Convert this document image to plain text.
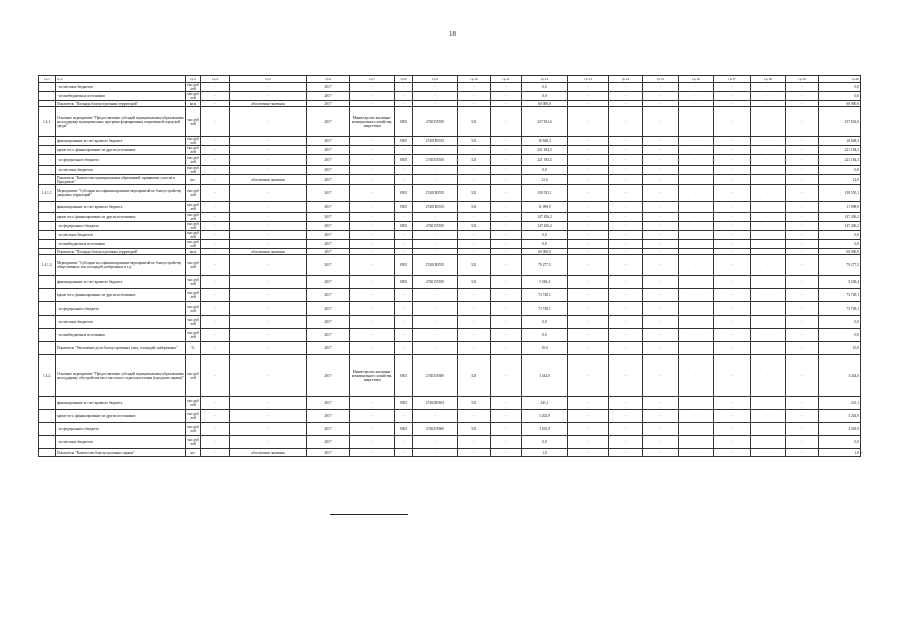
18
гр.1	гр.2	гр.3	гр.4	гр.5	гр.6	гр.7	гр.8	гр.9	гр.10	гр.11	гр.12	гр.13	гр.14	гр.15	гр.16	гр.17	гр.18	гр.19	гр.20
	- из местных бюджетов	тыс.руб лей	-	-	2017	-	-	-	-	-	0,0	-	-	-	-	-	-	-	0,0
	- из внебюджетных источников	тыс.руб лей	-	-	2017	-	-	-	-	-	0,0	-	-	-	-	-	-	-	0,0
	Показатель "Площадь благоустроенных территорий"	кв.м	-	абсолютные значения	2017	-	-	-	-	-	60 000,0	-	-	-	-	-	-	-	60 000,0
1.4.1.	Основное мероприятие "Предоставление субсидий муниципальным образованиям на поддержку муниципальных программ формирования современной городской среды"	тыс.руб лей	-	-	2017	Министерство жилищно-коммунального хозяйства, энергетики	0505	2740355550	521	-	237 832,6	-	-	-	-	-	-	-	237 832,6
	финансирование за счет краевого бюджета	тыс.руб лей	-	-	2017	-	0505	27401R5555	521	-	16 648,3	-	-	-	-	-	-	-	16 648,3
	кроме того, финансирование из других источников:	тыс.руб лей	-	-	2017	-	-	-	-	-	221 184,3	-	-	-	-	-	-	-	221 184,3
	- из федерального бюджета	тыс.руб лей	-	-	2017	-	0505	2740355550	521	-	221 184,3	-	-	-	-	-	-	-	221 184,3
	- из местных бюджетов	тыс.руб лей	-	-	2017	-	-	-	-	-	0,0	-	-	-	-	-	-	-	0,0
	Показатель "Количество муниципальных образований, принявших участие в Программе"	шт.	-	абсолютные значения	2017	-	-	-	-	-	12,0	-	-	-	-	-	-	-	12,0
1.4.1.1.	Мероприятие "Субсидии на софинансирование мероприятий по благоустройству дворовых территорий"	тыс.руб лей	-	-	2017	-	0505	27401R5555	521	-	158 555,1	-	-	-	-	-	-	-	158 555,1
	финансирование за счет краевого бюджета	тыс.руб лей	-	-	2017	-	0505	27401R5555	521	-	11 098,9	-	-	-	-	-	-	-	11 098,9
	кроме того, финансирование из других источников:	тыс.руб лей	-	-	2017	-	-	-	-	-	147 456,2	-	-	-	-	-	-	-	147 456,2
	- из федерального бюджета	тыс.руб лей	-	-	2017	-	0505	2740155550	521	-	147 456,2	-	-	-	-	-	-	-	147 456,2
	- из местных бюджетов	тыс.руб лей	-	-	2017	-	-	-	-	-	0,0	-	-	-	-	-	-	-	0,0
	- из внебюджетных источников	тыс.руб лей	-	-	2017	-	-	-	-	-	0,0	-	-	-	-	-	-	-	0,0
	Показатель "Площадь благоустроенных территорий"	кв.м	-	абсолютные значения	2017	-	-	-	-	-	60 000,0	-	-	-	-	-	-	-	60 000,0
1.4.1.2.	Мероприятие "Субсидии на софинансирование мероприятий по благоустройству общественных зон, площадей, набережных и т.д."	тыс.руб лей	-	-	2017	-	0505	27401R5555	521	-	79 277,5	-	-	-	-	-	-	-	79 277,5
	финансирование за счет краевого бюджета	тыс.руб лей	-	-	2017	-	0505	2740155550	521	-	5 549,4	-	-	-	-	-	-	-	5 549,4
	кроме того, финансирование из других источников:	тыс.руб лей	-	-	2017	-	-	-	-	-	73 728,1	-	-	-	-	-	-	-	73 728,1
	- из федерального бюджета	тыс.руб лей	-	-	2017	-	-	-	-	-	73 728,1	-	-	-	-	-	-	-	73 728,1
	- из местных бюджетов	тыс.руб лей	-	-	2017	-	-	-	-	-	0,0	-	-	-	-	-	-	-	0,0
	- из внебюджетных источников	тыс.руб лей	-	-	2017	-	-	-	-	-	0,0	-	-	-	-	-	-	-	0,0
	Показатель "Увеличение доли благоустроенных улиц, площадей, набережных"	%	-	-	2017	-	-	-	-	-	10,0	-	-	-	-	-	-	-	10,0
1.4.2.	Основное мероприятие "Предоставление субсидий муниципальным образованиям на поддержку обустройства мест массового отдыха населения (городских парков)"	тыс.руб лей	-	-	2017	Министерство жилищно-коммунального хозяйства, энергетики	0503	2740255600	521	-	3 444,0	-	-	-	-	-	-	-	3 444,0
	финансирование за счет краевого бюджета	тыс.руб лей	-	-	2017	-	0503	27402R5601	521	-	241,1	-	-	-	-	-	-	-	241,1
	кроме того, финансирование из других источников:	тыс.руб лей	-	-	2017	-	-	-	-	-	3 202,9	-	-	-	-	-	-	-	3 202,9
	- из федерального бюджета	тыс.руб лей	-	-	2017	-	0503	2740255600	521	-	3 202,9	-	-	-	-	-	-	-	3 202,9
	- из местных бюджетов	тыс.руб лей	-	-	2017	-	-	-	-	-	0,0	-	-	-	-	-	-	-	0,0
	Показатель "Количество благоустроенных парков"	шт.	-	абсолютные значения	2017	-	-	-	-	-	1,0	-	-	-	-	-	-	-	1,0 ".
